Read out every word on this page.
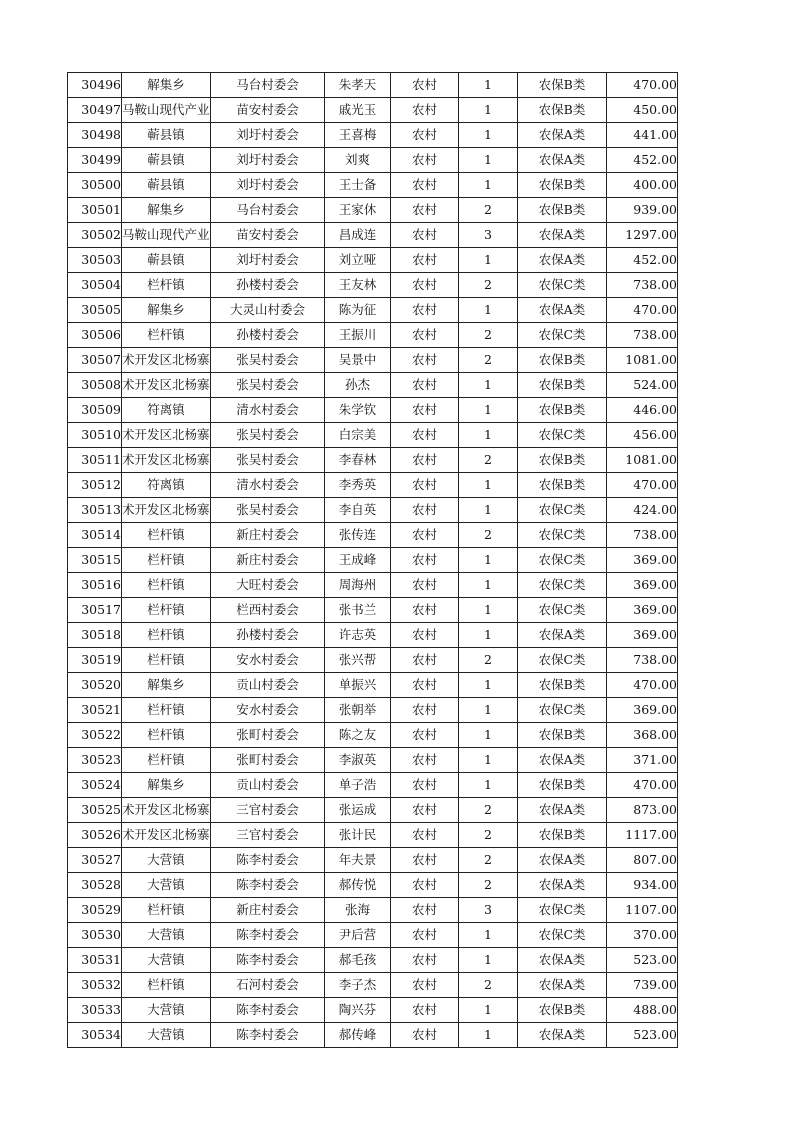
30496	解集乡	马台村委会	朱孝天	农村	1	农保B类	470.00
30497	马鞍山现代产业	苗安村委会	戚光玉	农村	1	农保B类	450.00
30498	蕲县镇	刘圩村委会	王喜梅	农村	1	农保A类	441.00
30499	蕲县镇	刘圩村委会	刘爽	农村	1	农保A类	452.00
30500	蕲县镇	刘圩村委会	王士备	农村	1	农保B类	400.00
30501	解集乡	马台村委会	王家休	农村	2	农保B类	939.00
30502	马鞍山现代产业	苗安村委会	昌成连	农村	3	农保A类	1297.00
30503	蕲县镇	刘圩村委会	刘立哑	农村	1	农保A类	452.00
30504	栏杆镇	孙楼村委会	王友林	农村	2	农保C类	738.00
30505	解集乡	大灵山村委会	陈为征	农村	1	农保A类	470.00
30506	栏杆镇	孙楼村委会	王振川	农村	2	农保C类	738.00
30507	术开发区北杨寨	张吴村委会	吴景中	农村	2	农保B类	1081.00
30508	术开发区北杨寨	张吴村委会	孙杰	农村	1	农保B类	524.00
30509	符离镇	清水村委会	朱学钦	农村	1	农保B类	446.00
30510	术开发区北杨寨	张吴村委会	白宗美	农村	1	农保C类	456.00
30511	术开发区北杨寨	张吴村委会	李春林	农村	2	农保B类	1081.00
30512	符离镇	清水村委会	李秀英	农村	1	农保B类	470.00
30513	术开发区北杨寨	张吴村委会	李自英	农村	1	农保C类	424.00
30514	栏杆镇	新庄村委会	张传连	农村	2	农保C类	738.00
30515	栏杆镇	新庄村委会	王成峰	农村	1	农保C类	369.00
30516	栏杆镇	大旺村委会	周海州	农村	1	农保C类	369.00
30517	栏杆镇	栏西村委会	张书兰	农村	1	农保C类	369.00
30518	栏杆镇	孙楼村委会	许志英	农村	1	农保A类	369.00
30519	栏杆镇	安水村委会	张兴帮	农村	2	农保C类	738.00
30520	解集乡	贡山村委会	单振兴	农村	1	农保B类	470.00
30521	栏杆镇	安水村委会	张朝举	农村	1	农保C类	369.00
30522	栏杆镇	张町村委会	陈之友	农村	1	农保B类	368.00
30523	栏杆镇	张町村委会	李淑英	农村	1	农保A类	371.00
30524	解集乡	贡山村委会	单子浩	农村	1	农保B类	470.00
30525	术开发区北杨寨	三官村委会	张运成	农村	2	农保A类	873.00
30526	术开发区北杨寨	三官村委会	张计民	农村	2	农保B类	1117.00
30527	大营镇	陈李村委会	年夫景	农村	2	农保A类	807.00
30528	大营镇	陈李村委会	郝传悦	农村	2	农保A类	934.00
30529	栏杆镇	新庄村委会	张海	农村	3	农保C类	1107.00
30530	大营镇	陈李村委会	尹后营	农村	1	农保C类	370.00
30531	大营镇	陈李村委会	郝毛孩	农村	1	农保A类	523.00
30532	栏杆镇	石河村委会	李子杰	农村	2	农保A类	739.00
30533	大营镇	陈李村委会	陶兴芬	农村	1	农保B类	488.00
30534	大营镇	陈李村委会	郝传峰	农村	1	农保A类	523.00
